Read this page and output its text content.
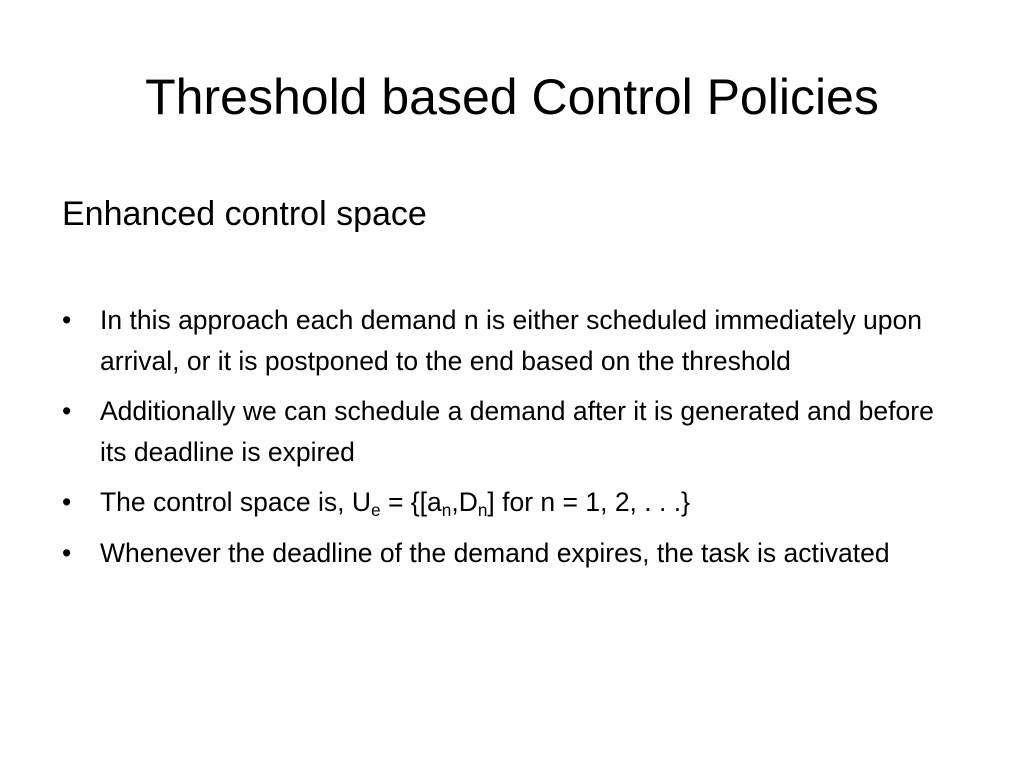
Threshold based Control Policies
Enhanced control space
•	In this approach each demand n is either scheduled immediately upon arrival, or it is postponed to the end based on the threshold
•	Additionally we can schedule a demand after it is generated and before its deadline is expired
•	The control space is, $U_e = \{[a_n,D_n]$ for n = 1, 2, . . .}
•	Whenever the deadline of the demand expires, the task is activated
